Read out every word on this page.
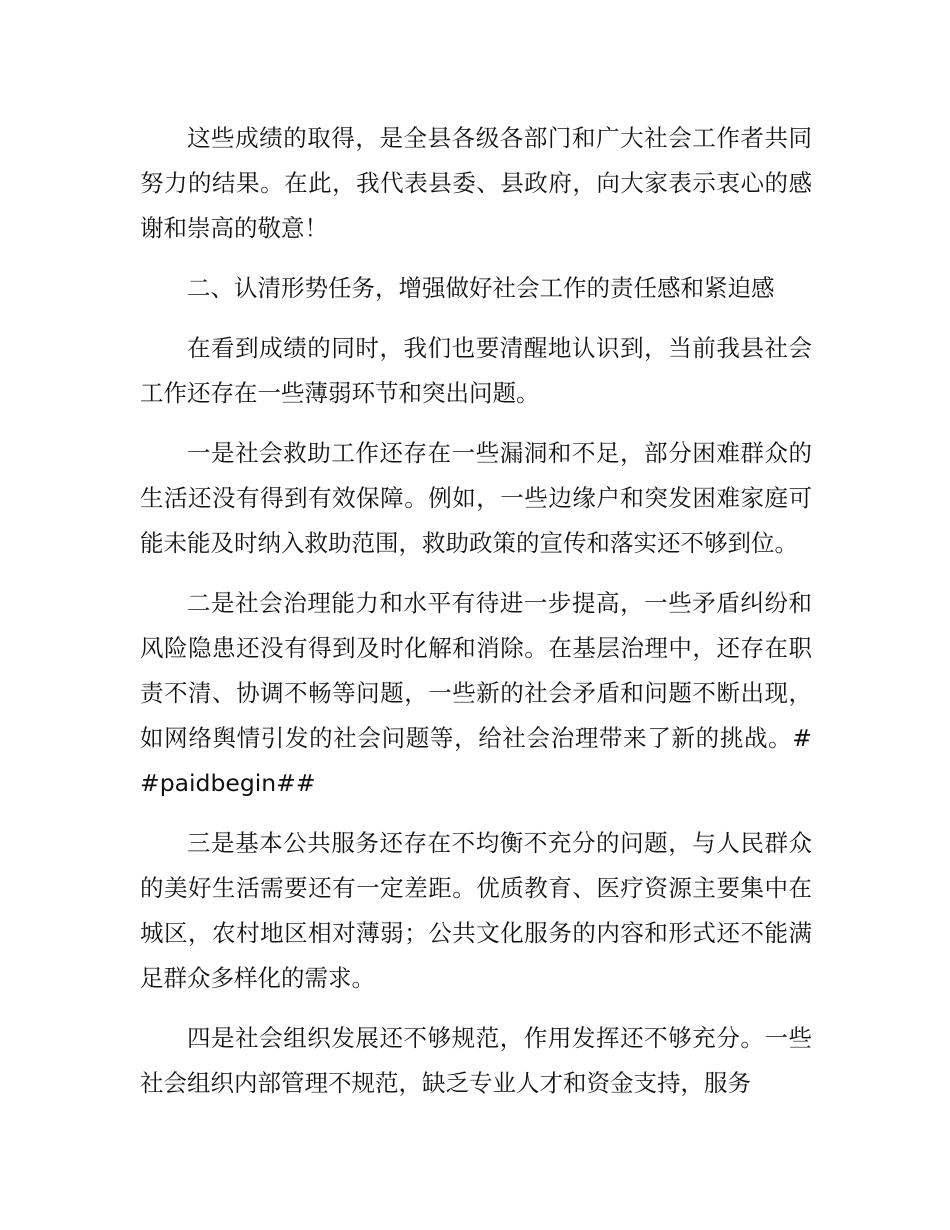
这些成绩的取得，是全县各级各部门和广大社会工作者共同努力的结果。在此，我代表县委、县政府，向大家表示衷心的感谢和崇高的敬意！

二、认清形势任务，增强做好社会工作的责任感和紧迫感

在看到成绩的同时，我们也要清醒地认识到，当前我县社会工作还存在一些薄弱环节和突出问题。

一是社会救助工作还存在一些漏洞和不足，部分困难群众的生活还没有得到有效保障。例如，一些边缘户和突发困难家庭可能未能及时纳入救助范围，救助政策的宣传和落实还不够到位。

二是社会治理能力和水平有待进一步提高，一些矛盾纠纷和风险隐患还没有得到及时化解和消除。在基层治理中，还存在职责不清、协调不畅等问题，一些新的社会矛盾和问题不断出现，如网络舆情引发的社会问题等，给社会治理带来了新的挑战。##paidbegin##

三是基本公共服务还存在不均衡不充分的问题，与人民群众的美好生活需要还有一定差距。优质教育、医疗资源主要集中在城区，农村地区相对薄弱；公共文化服务的内容和形式还不能满足群众多样化的需求。

四是社会组织发展还不够规范，作用发挥还不够充分。一些社会组织内部管理不规范，缺乏专业人才和资金支持，服务
